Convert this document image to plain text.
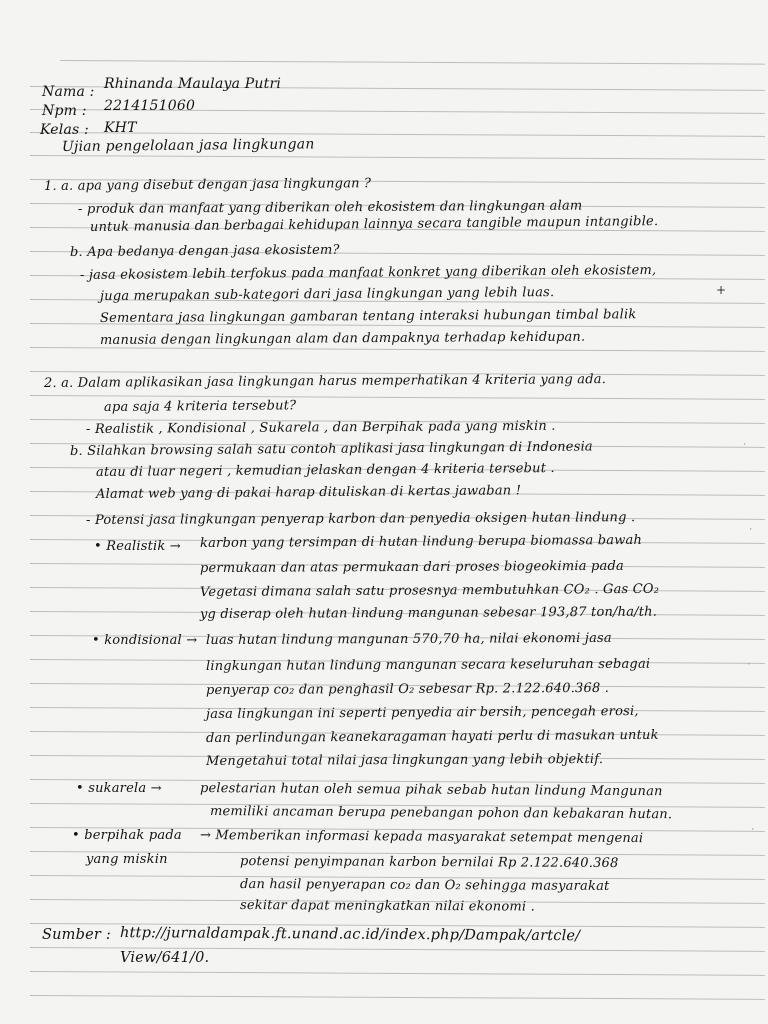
Nama : Rhinanda Maulaya Putri
Npm : 2214151060
Kelas : KHT
Ujian pengelolaan jasa lingkungan
1. a. apa yang disebut dengan jasa lingkungan ?
- produk dan manfaat yang diberikan oleh ekosistem dan lingkungan alam
untuk manusia dan berbagai kehidupan lainnya secara tangible maupun intangible.
b. Apa bedanya dengan jasa ekosistem?
- jasa ekosistem lebih terfokus pada manfaat konkret yang diberikan oleh ekosistem,
juga merupakan sub-kategori dari jasa lingkungan yang lebih luas.
Sementara jasa lingkungan gambaran tentang interaksi hubungan timbal balik
manusia dengan lingkungan alam dan dampaknya terhadap kehidupan.
2. a. Dalam aplikasikan jasa lingkungan harus memperhatikan 4 kriteria yang ada.
apa saja 4 kriteria tersebut?
- Realistik , Kondisional , Sukarela , dan Berpihak pada yang miskin .
b. Silahkan browsing salah satu contoh aplikasi jasa lingkungan di Indonesia
atau di luar negeri , kemudian jelaskan dengan 4 kriteria tersebut .
Alamat web yang di pakai harap dituliskan di kertas jawaban !
- Potensi jasa lingkungan penyerap karbon dan penyedia oksigen hutan lindung .
• Realistik → karbon yang tersimpan di hutan lindung berupa biomassa bawah
permukaan dan atas permukaan dari proses biogeokimia pada
Vegetasi dimana salah satu prosesnya membutuhkan CO₂ . Gas CO₂
yg diserap oleh hutan lindung mangunan sebesar 193,87 ton/ha/th.
• kondisional → luas hutan lindung mangunan 570,70 ha, nilai ekonomi jasa
lingkungan hutan lindung mangunan secara keseluruhan sebagai
penyerap co₂ dan penghasil O₂ sebesar Rp. 2.122.640.368 .
jasa lingkungan ini seperti penyedia air bersih, pencegah erosi,
dan perlindungan keanekaragaman hayati perlu di masukan untuk
Mengetahui total nilai jasa lingkungan yang lebih objektif.
• sukarela →	pelestarian hutan oleh semua pihak sebab hutan lindung Mangunan
memiliki ancaman berupa penebangan pohon dan kebakaran hutan.
• berpihak pada
yang miskin
→ Memberikan informasi kepada masyarakat setempat mengenai
potensi penyimpanan karbon bernilai Rp 2.122.640.368
dan hasil penyerapan co₂ dan O₂ sehingga masyarakat
sekitar dapat meningkatkan nilai ekonomi .
Sumber : http://jurnaldampak.ft.unand.ac.id/index.php/Dampak/artcle/
View/641/0.
+
·
·
·
·
